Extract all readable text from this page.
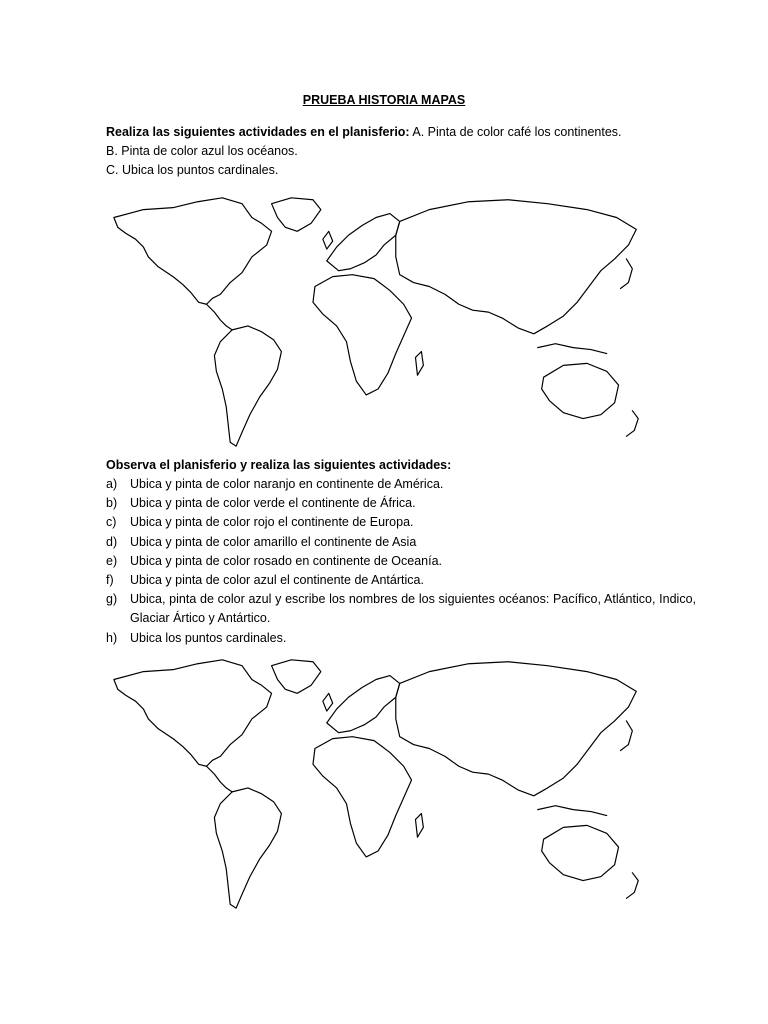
PRUEBA HISTORIA MAPAS
Realiza las siguientes actividades en el planisferio: A. Pinta de color café los continentes.
B. Pinta de color azul los océanos.
C. Ubica los puntos cardinales.
Observa el planisferio y realiza las siguientes actividades:
a)	Ubica y pinta de color naranjo en continente de América.
b)	Ubica y pinta de color verde el continente de África.
c)	Ubica y pinta de color rojo el continente de Europa.
d)	Ubica y pinta de color amarillo el continente de Asia
e)	Ubica y pinta de color rosado en continente de Oceanía.
f)	Ubica y pinta de color azul el continente de Antártica.
g)	Ubica, pinta de color azul y escribe los nombres de los siguientes océanos: Pacífico, Atlántico, Indico, Glaciar Ártico y Antártico.
h)	Ubica los puntos cardinales.
